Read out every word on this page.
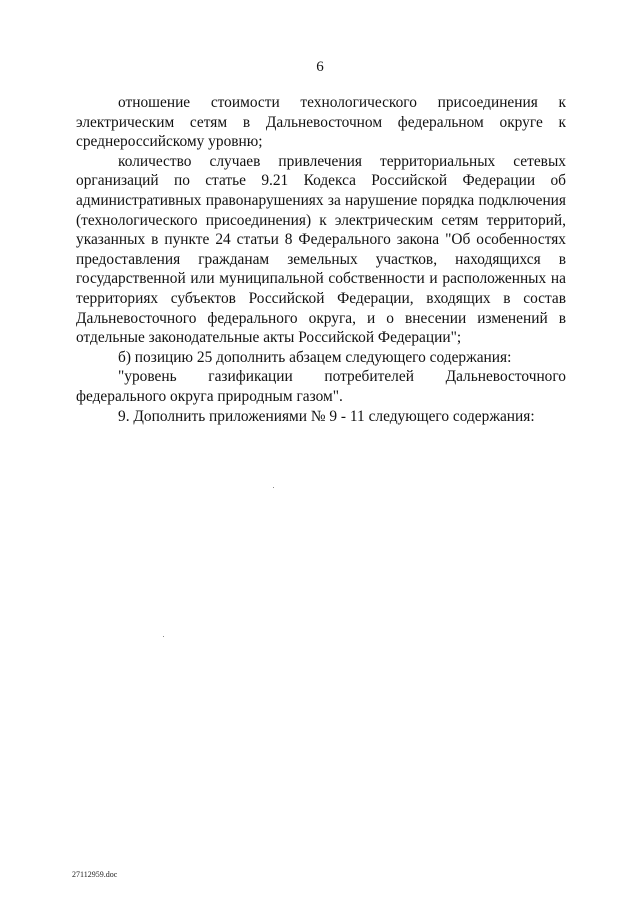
6
отношение стоимости технологического присоединения к
электрическим сетям в Дальневосточном федеральном округе к
среднероссийскому уровню;
количество случаев привлечения территориальных сетевых
организаций по статье 9.21 Кодекса Российской Федерации об
административных правонарушениях за нарушение порядка подключения
(технологического присоединения) к электрическим сетям территорий,
указанных в пункте 24 статьи 8 Федерального закона "Об особенностях
предоставления гражданам земельных участков, находящихся в
государственной или муниципальной собственности и расположенных на
территориях субъектов Российской Федерации, входящих в состав
Дальневосточного федерального округа, и о внесении изменений в
отдельные законодательные акты Российской Федерации";
б) позицию 25 дополнить абзацем следующего содержания:
"уровень газификации потребителей Дальневосточного
федерального округа природным газом".
9. Дополнить приложениями № 9 - 11 следующего содержания:
27112959.doc
